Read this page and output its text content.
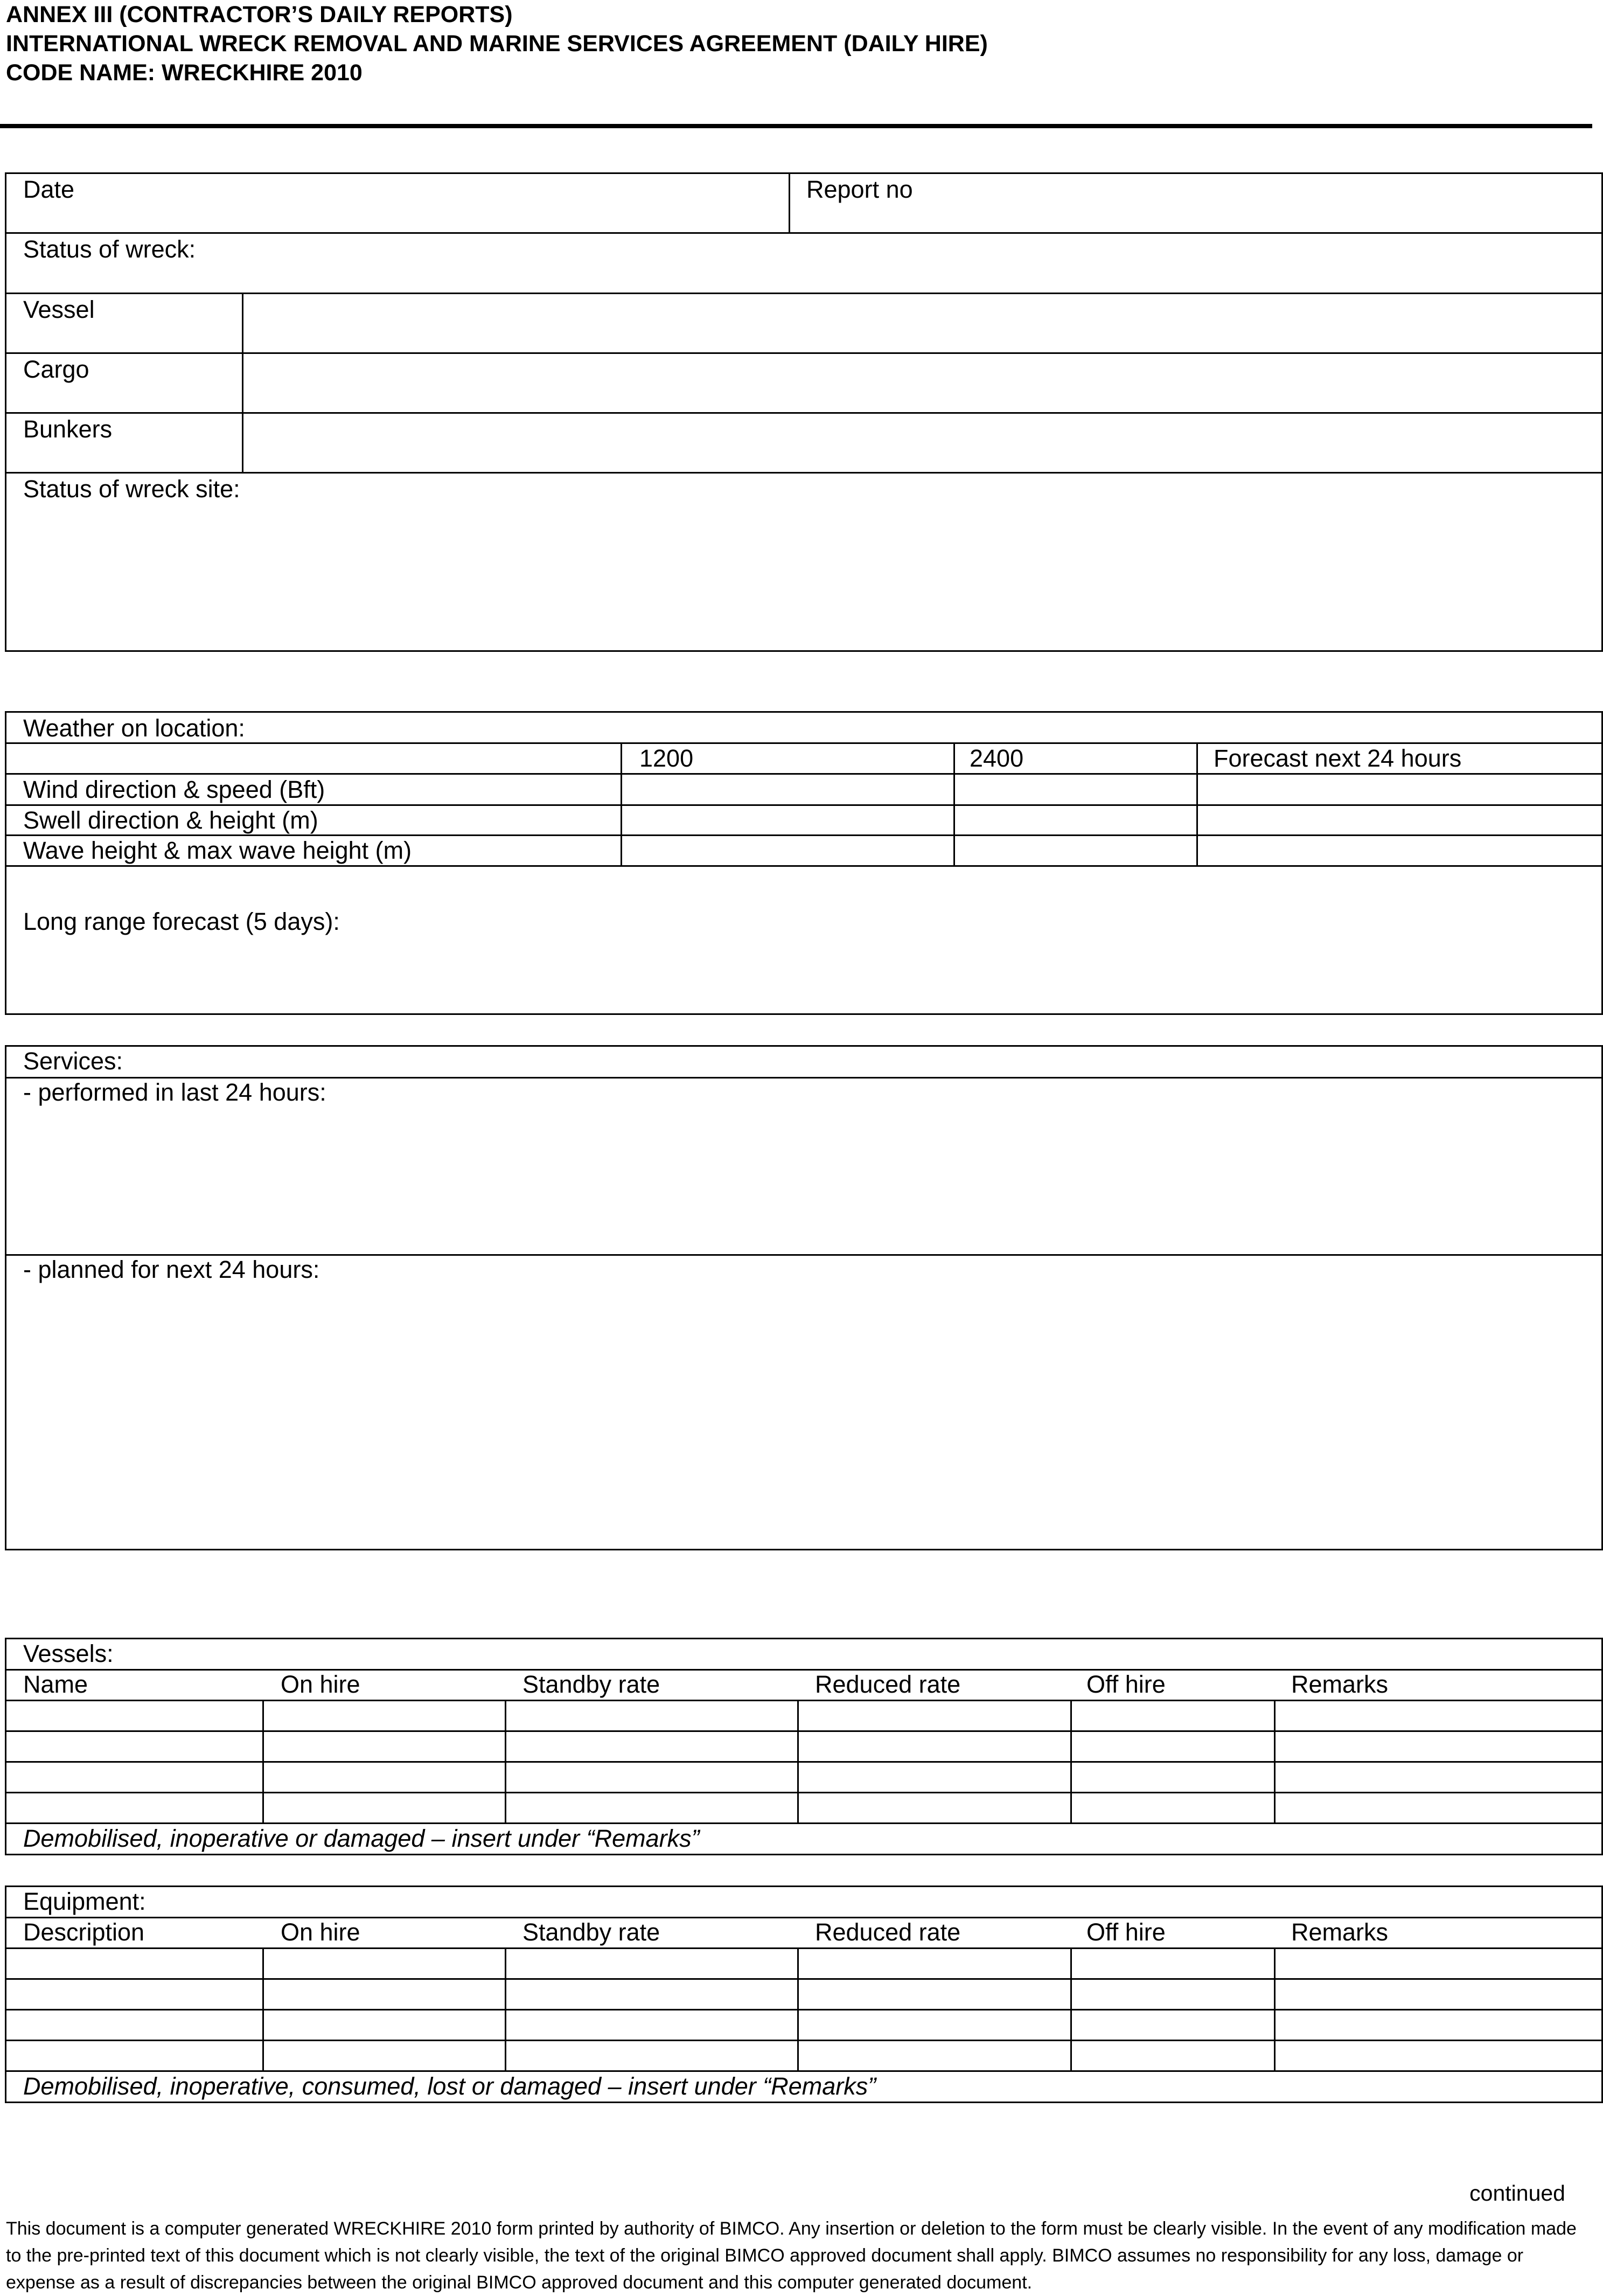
ANNEX III (CONTRACTOR’S DAILY REPORTS)
INTERNATIONAL WRECK REMOVAL AND MARINE SERVICES AGREEMENT (DAILY HIRE)
CODE NAME: WRECKHIRE 2010
Date	Report no
Status of wreck:
Vessel
Cargo
Bunkers
Status of wreck site:
Weather on location:
1200	2400	Forecast next 24 hours
Wind direction & speed (Bft)
Swell direction & height (m)
Wave height & max wave height (m)
Long range forecast (5 days):
Services:
- performed in last 24 hours:
- planned for next 24 hours:
Vessels:
Name	On hire	Standby rate	Reduced rate	Off hire	Remarks
Demobilised, inoperative or damaged – insert under “Remarks”
Equipment:
Description	On hire	Standby rate	Reduced rate	Off hire	Remarks
Demobilised, inoperative, consumed, lost or damaged – insert under “Remarks”
continued
This document is a computer generated WRECKHIRE 2010 form printed by authority of BIMCO. Any insertion or deletion to the form must be clearly visible. In the event of any modification made to the pre-printed text of this document which is not clearly visible, the text of the original BIMCO approved document shall apply. BIMCO assumes no responsibility for any loss, damage or expense as a result of discrepancies between the original BIMCO approved document and this computer generated document.
